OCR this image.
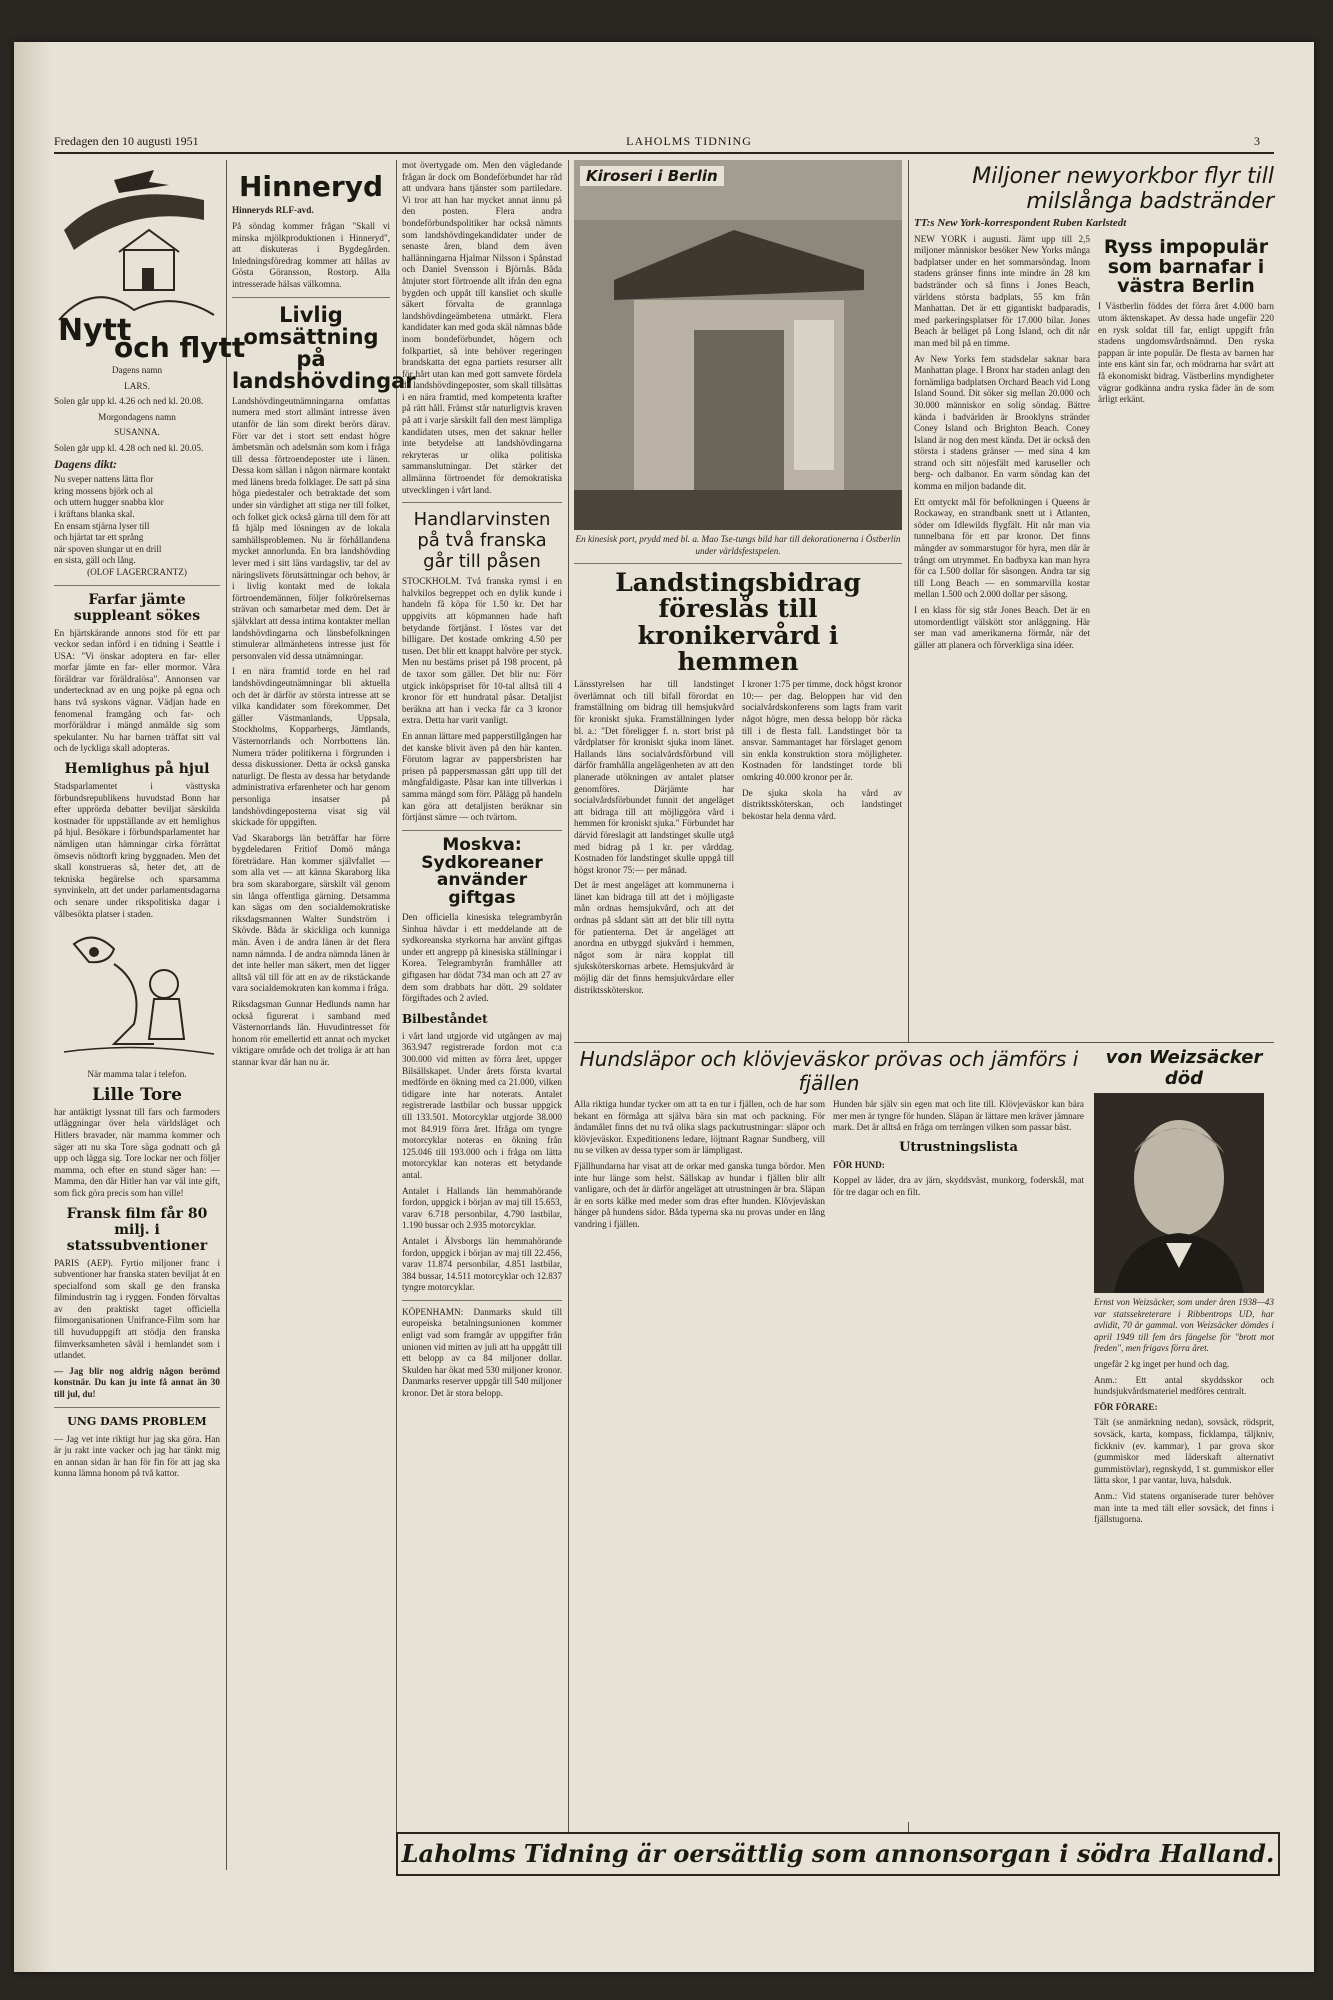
Fredagen den 10 augusti 1951	LAHOLMS TIDNING	3
Nytt
och flytt

Dagens namn

LARS.

Solen går upp kl. 4.26 och ned kl. 20.08.

Morgondagens namn

SUSANNA.

Solen går upp kl. 4.28 och ned kl. 20.05.

Dagens dikt:

Nu sveper nattens lätta flor

kring mossens björk och al

och uttern hugger snabba klor

i kräftans blanka skal.

En ensam stjärna lyser till

och hjärtat tar ett språng

när spoven slungar ut en drill

en sista, gäll och lång.

(OLOF LAGERCRANTZ)

Farfar jämte suppleant sökes

En hjärtskärande annons stod för ett par veckor sedan införd i en tidning i Seattle i USA: "Vi önskar adoptera en far- eller morfar jämte en far- eller mormor. Våra föräldrar var föräldralösa". Annonsen var undertecknad av en ung pojke på egna och hans två syskons vägnar. Vädjan hade en fenomenal framgång och far- och morföräldrar i mängd anmälde sig som spekulanter. Nu har barnen träffat sitt val och de lyckliga skall adopteras.

Hemlighus på hjul

Stadsparlamentet i västtyska förbundsrepublikens huvudstad Bonn har efter upprörda debatter beviljat särskilda kostnader för uppställande av ett hemlighus på hjul. Besökare i förbundsparlamentet har nämligen utan hämningar cirka förrättat ömsevis nödtorft kring byggnaden. Men det skall konstrueras så, heter det, att de tekniska begärelse och sparsamma synvinkeln, att det under parlamentsdagarna och senare under rikspolitiska dagar i vålbesökta platser i staden.

När mamma talar i telefon.

Lille Tore

har antäktigt lyssnat till fars och farmoders utläggningar över hela världsläget och Hitlers bravader, när mamma kommer och säger att nu ska Tore säga godnatt och gå upp och lägga sig. Tore lockar ner och följer mamma, och efter en stund säger han: — Mamma, den där Hitler han var väl inte gift, som fick göra precis som han ville!

Fransk film får 80 milj. i statssubventioner

PARIS (AEP). Fyrtio miljoner franc i subventioner har franska staten beviljat åt en specialfond som skall ge den franska filmindustrin tag i ryggen. Fonden förvaltas av den praktiskt taget officiella filmorganisationen Unifrance-Film som har till huvuduppgift att stödja den franska filmverksamheten såväl i hemlandet som i utlandet.

— Jag blir nog aldrig någon berömd konstnär. Du kan ju inte få annat än 30 till jul, du!

UNG DAMS PROBLEM

— Jag vet inte riktigt hur jag ska göra. Han är ju rakt inte vacker och jag har tänkt mig en annan sidan är han för fin för att jag ska kunna lämna honom på två kattor.

Hinneryd

Hinneryds RLF-avd.

På söndag kommer frågan "Skall vi minska mjölkproduktionen i Hinneryd", att diskuteras i Bygdegården. Inledningsföredrag kommer att hållas av Gösta Göransson, Rostorp. Alla intresserade hälsas välkomna.

Livlig omsättning på landshövdingar

Landshövdingeutnämningarna omfattas numera med stort allmänt intresse även utanför de län som direkt berörs därav. Förr var det i stort sett endast högre ämbetsmän och adelsmän som kom i fråga till dessa förtroendeposter ute i länen. Dessa kom sällan i någon närmare kontakt med länens breda folklager. De satt på sina höga piedestaler och betraktade det som under sin värdighet att stiga ner till folket, och folket gick också gärna till dem för att få hjälp med lösningen av de lokala samhällsproblemen. Nu är förhållandena mycket annorlunda. En bra landshövding lever med i sitt läns vardagsliv, tar del av näringslivets förutsättningar och behov, är i livlig kontakt med de lokala förtroendemännen, följer folkrörelsernas strävan och samarbetar med dem. Det är självklart att dessa intima kontakter mellan landshövdingarna och länsbefolkningen stimulerar allmänhetens intresse just för personvalen vid dessa utnämningar.

I en nära framtid torde en hel rad landshövdingeutnämningar bli aktuella och det är därför av största intresse att se vilka kandidater som förekommer. Det gäller Västmanlands, Uppsala, Stockholms, Kopparbergs, Jämtlands, Västernorrlands och Norrbottens län. Numera träder politikerna i förgrunden i dessa diskussioner. Detta är också ganska naturligt. De flesta av dessa har betydande administrativa erfarenheter och har genom personliga insatser på landshövdingeposterna visat sig väl skickade för uppgiften.

Vad Skaraborgs län beträffar har förre bygdeledaren Fritiof Domö många företrädare. Han kommer självfallet — som alla vet — att känna Skaraborg lika bra som skaraborgare, särskilt väl genom sin långa offentliga gärning. Detsamma kan sägas om den socialdemokratiske riksdagsmannen Walter Sundström i Skövde. Båda är skickliga och kunniga män. Även i de andra länen är det flera namn nämnda. I de andra nämnda länen är det inte heller man säkert, men det ligger alltså väl till för att en av de rikstäckande vara socialdemokraten kan komma i fråga.

Riksdagsman Gunnar Hedlunds namn har också figurerat i samband med Västernorrlands län. Huvudintresset för honom rör emellertid ett annat och mycket viktigare område och det troliga är att han stannar kvar där han nu är.

mot övertygade om. Men den vägledande frågan är dock om Bondeförbundet har råd att undvara hans tjänster som partiledare. Vi tror att han har mycket annat ännu på den posten. Flera andra bondeförbundspolitiker har också nämnts som landshövdingekandidater under de senaste åren, bland dem även hallänningarna Hjalmar Nilsson i Spånstad och Daniel Svensson i Björnås. Båda åtnjuter stort förtroende allt ifrån den egna bygden och uppåt till kansliet och skulle säkert förvalta de grannlaga landshövdingeämbetena utmärkt. Flera kandidater kan med goda skäl nämnas både inom bondeförbundet, högern och folkpartiet, så inte behöver regeringen brandskatta det egna partiets resurser allt för hårt utan kan med gott samvete fördela de landshövdingeposter, som skall tillsättas i en nära framtid, med kompetenta krafter på rätt håll. Främst står naturligtvis kraven på att i varje särskilt fall den mest lämpliga kandidaten utses, men det saknar heller inte betydelse att landshövdingarna rekryteras ur olika politiska sammanslutningar. Det stärker det allmänna förtroendet för demokratiska utvecklingen i vårt land.

Handlarvinsten på två franska går till påsen

STOCKHOLM. Två franska rymsl i en halvkilos begreppet och en dylik kunde i handeln få köpa för 1.50 kr. Det har uppgivits att köpmannen hade haft betydande förtjänst. I löstes var det billigare. Det kostade omkring 4.50 per tusen. Det blir ett knappt halvöre per styck. Men nu bestäms priset på 198 procent, på de taxor som gäller. Det blir nu: Förr utgick inköpspriset för 10-tal alltså till 4 kronor för ett hundratal påsar. Detaljist beräkna att han i vecka får ca 3 kronor extra. Detta har varit vanligt.

En annan lättare med papperstillgången har det kanske blivit även på den här kanten. Förutom lagrar av pappersbristen har prisen på pappersmassan gått upp till det mångfaldigaste. Påsar kan inte tillverkas i samma mängd som förr. Pålägg på handeln kan göra att detaljisten beräknar sin förtjänst sämre — och tvärtom.

Moskva: Sydkoreaner använder giftgas

Den officiella kinesiska telegrambyrån Sinhua hävdar i ett meddelande att de sydkoreanska styrkorna har använt giftgas under ett angrepp på kinesiska ställningar i Korea. Telegrambyrån framhåller att giftgasen har dödat 734 man och att 27 av dem som drabbats har dött. 29 soldater förgiftades och 2 avled.

Bilbeståndet

i vårt land utgjorde vid utgången av maj 363.947 registrerade fordon mot c:a 300.000 vid mitten av förra året, uppger Bilsällskapet. Under årets första kvartal medförde en ökning med ca 21.000, vilken tidigare inte har noterats. Antalet registrerade lastbilar och bussar uppgick till 133.501. Motorcyklar utgjorde 38.000 mot 84.919 förra året. Ifråga om tyngre motorcyklar noteras en ökning från 125.046 till 193.000 och i fråga om lätta motorcyklar kan noteras ett betydande antal.

Antalet i Hallands län hemmahörande fordon, uppgick i början av maj till 15.653, varav 6.718 personbilar, 4.790 lastbilar, 1.190 bussar och 2.935 motorcyklar.

Antalet i Älvsborgs län hemmahörande fordon, uppgick i början av maj till 22.456, varav 11.874 personbilar, 4.851 lastbilar, 384 bussar, 14.511 motorcyklar och 12.837 tyngre motorcyklar.

KÖPENHAMN: Danmarks skuld till europeiska betalningsunionen kommer enligt vad som framgår av uppgifter från unionen vid mitten av juli att ha uppgått till ett belopp av ca 84 miljoner dollar. Skulden har ökat med 530 miljoner kronor. Danmarks reserver uppgår till 540 miljoner kronor. Det är stora belopp.

Kiroseri i Berlin

En kinesisk port, prydd med bl. a. Mao Tse-tungs bild har till dekorationerna i Östberlin under världsfestspelen.

Landstingsbidrag föreslås till kronikervård i hemmen

Länsstyrelsen har till landstinget överlämnat och till bifall förordat en framställning om bidrag till hemsjukvård för kroniskt sjuka. Framställningen lyder bl. a.: "Det föreligger f. n. stort brist på vårdplatser för kroniskt sjuka inom länet. Hallands läns socialvårdsförbund vill därför framhålla angelägenheten av att den planerade utökningen av antalet platser genomföres. Därjämte har socialvårdsförbundet funnit det angeläget att bidraga till att möjliggöra vård i hemmen för kroniskt sjuka." Förbundet har därvid föreslagit att landstinget skulle utgå med bidrag på 1 kr. per vårddag. Kostnaden för landstinget skulle uppgå till högst kronor 75:— per månad.

Det är mest angeläget att kommunerna i länet kan bidraga till att det i möjligaste mån ordnas hemsjukvård, och att det ordnas på sådant sätt att det blir till nytta för patienterna. Det är angeläget att anordna en utbyggd sjukvård i hemmen, något som är nära kopplat till sjuksköterskornas arbete. Hemsjukvård är möjlig där det finns hemsjukvårdare eller distriktssköterskor.

I kroner 1:75 per timme, dock högst kronor 10:— per dag. Beloppen har vid den socialvårdskonferens som lagts fram varit något högre, men dessa belopp bör räcka till i de flesta fall. Landstinget bör ta ansvar. Sammantaget har förslaget genom sin enkla konstruktion stora möjligheter. Kostnaden för landstinget torde bli omkring 40.000 kronor per år.

De sjuka skola ha vård av distriktssköterskan, och landstinget bekostar hela denna vård.

Miljoner newyorkbor flyr till milslånga badstränder

TT:s New York-korrespondent Ruben Karlstedt

NEW YORK i augusti. Jämt upp till 2,5 miljoner människor besöker New Yorks många badplatser under en het sommarsöndag. Inom stadens gränser finns inte mindre än 28 km badstränder och så finns i Jones Beach, världens största badplats, 55 km från Manhattan. Det är ett gigantiskt badparadis, med parkeringsplatser för 17.000 bilar. Jones Beach är beläget på Long Island, och dit når man med bil på en timme.

Av New Yorks fem stadsdelar saknar bara Manhattan plage. I Bronx har staden anlagt den fornämliga badplatsen Orchard Beach vid Long Island Sound. Dit söker sig mellan 20.000 och 30.000 människor en solig söndag. Bättre kända i badvärlden är Brooklyns stränder Coney Island och Brighton Beach. Coney Island är nog den mest kända. Det är också den största i stadens gränser — med sina 4 km strand och sitt nöjesfält med karuseller och berg- och dalbanor. En varm söndag kan det komma en miljon badande dit.

Ett omtyckt mål för befolkningen i Queens är Rockaway, en strandbank snett ut i Atlanten, söder om Idlewilds flygfält. Hit når man via tunnelbana för ett par kronor. Det finns mängder av sommarstugor för hyra, men där är trångt om utrymmet. En badbyxa kan man hyra för ca 1.500 dollar för säsongen. Andra tar sig till Long Beach — en sommarvilla kostar mellan 1.500 och 2.000 dollar per säsong.

I en klass för sig står Jones Beach. Det är en utomordentligt välskött stor anläggning. Här ser man vad amerikanerna förmår, när det gäller att planera och förverkliga sina idéer.

Ryss impopulär som barnafar i västra Berlin

I Västberlin föddes det förra året 4.000 barn utom äktenskapet. Av dessa hade ungefär 220 en rysk soldat till far, enligt uppgift från stadens ungdomsvårdsnämnd. Den ryska pappan är inte populär. De flesta av barnen har inte ens känt sin far, och mödrarna har svårt att få ekonomiskt bidrag. Västberlins myndigheter vägrar godkänna andra ryska fäder än de som ärligt erkänt.

Hundsläpor och klövjeväskor prövas och jämförs i fjällen

Alla riktiga hundar tycker om att ta en tur i fjällen, och de har som bekant en förmåga att själva bära sin mat och packning. För ändamålet finns det nu två olika slags packutrustningar: släpor och klövjeväskor. Expeditionens ledare, löjtnant Ragnar Sundberg, vill nu se vilken av dessa typer som är lämpligast.

Fjällhundarna har visat att de orkar med ganska tunga bördor. Men inte hur länge som helst. Sällskap av hundar i fjällen blir allt vanligare, och det är därför angeläget att utrustningen är bra. Släpan är en sorts kälke med meder som dras efter hunden. Klövjeväskan hänger på hundens sidor. Båda typerna ska nu provas under en lång vandring i fjällen.

Hunden bär själv sin egen mat och lite till. Klövjeväskor kan bära mer men är tyngre för hunden. Släpan är lättare men kräver jämnare mark. Det är alltså en fråga om terrängen vilken som passar bäst.

Utrustningslista

FÖR HUND:

Koppel av läder, dra av järn, skyddsväst, munkorg, foderskål, mat för tre dagar och en filt.

von Weizsäcker död

Ernst von Weizsäcker, som under åren 1938—43 var statssekreterare i Ribbentrops UD, har avlidit, 70 år gammal. von Weizsäcker dömdes i april 1949 till fem års fängelse för "brott mot freden", men frigavs förra året.

ungefär 2 kg inget per hund och dag.

Anm.: Ett antal skyddsskor och hundsjukvårdsmateriel medföres centralt.

FÖR FÖRARE:

Tält (se anmärkning nedan), sovsäck, rödsprit, sovsäck, karta, kompass, ficklampa, täljkniv, fickkniv (ev. kammar), 1 par grova skor (gummiskor med läderskaft alternativt gummistövlar), regnskydd, 1 st. gummiskor eller lätta skor, 1 par vantar, luva, halsduk.

Anm.: Vid statens organiserade turer behöver man inte ta med tält eller sovsäck, det finns i fjällstugorna.

Laholms Tidning är oersättlig som annonsorgan i södra Halland.
